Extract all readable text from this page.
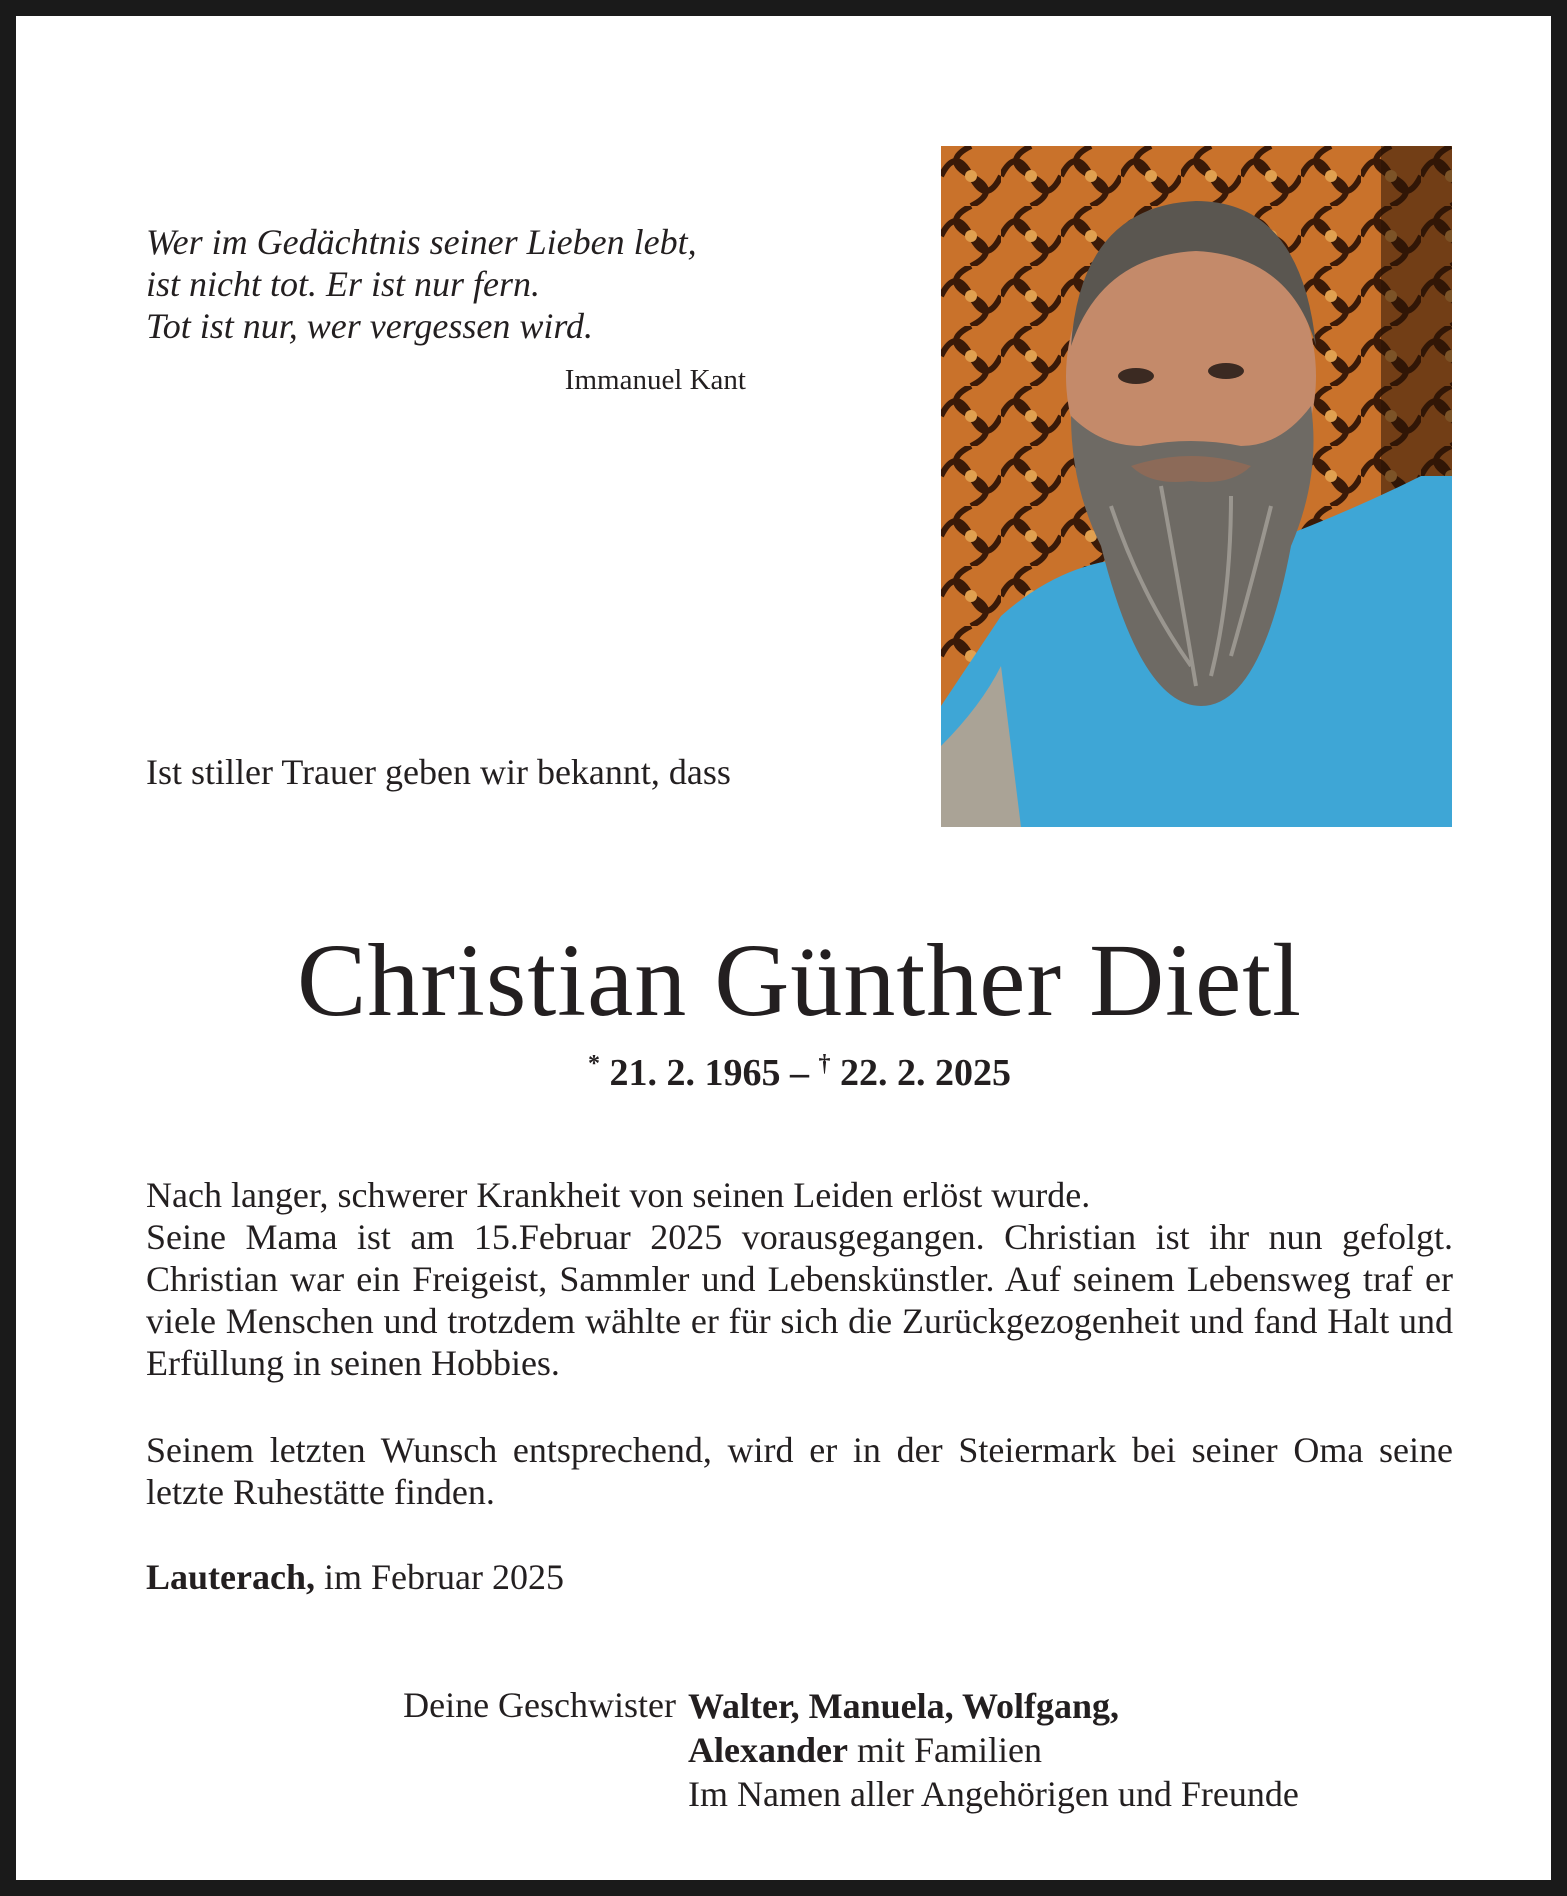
Wer im Gedächtnis seiner Lieben lebt,
ist nicht tot. Er ist nur fern.
Tot ist nur, wer vergessen wird.
Immanuel Kant
Ist stiller Trauer geben wir bekannt, dass
Christian Günther Dietl
* 21. 2. 1965 – † 22. 2. 2025
Nach langer, schwerer Krankheit von seinen Leiden erlöst wurde.
Seine Mama ist am 15.Februar 2025 vorausgegangen. Christian ist ihr nun gefolgt. Christian war ein Freigeist, Sammler und Lebenskünstler. Auf seinem Lebensweg traf er viele Menschen und trotzdem wählte er für sich die Zurückgezogenheit und fand Halt und Erfüllung in seinen Hobbies.
Seinem letzten Wunsch entsprechend, wird er in der Steiermark bei seiner Oma seine letzte Ruhestätte finden.
Lauterach, im Februar 2025
Deine Geschwister Walter, Manuela, Wolfgang,
Alexander mit Familien
Im Namen aller Angehörigen und Freunde
